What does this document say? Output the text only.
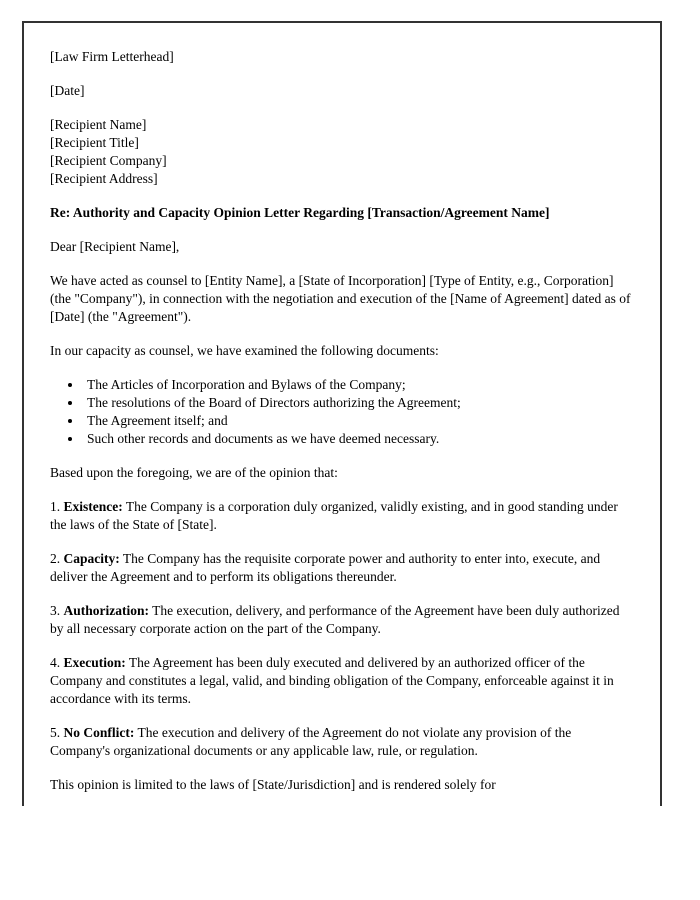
[Law Firm Letterhead]

[Date]

[Recipient Name]
[Recipient Title]
[Recipient Company]
[Recipient Address]

Re: Authority and Capacity Opinion Letter Regarding [Transaction/Agreement Name]

Dear [Recipient Name],

We have acted as counsel to [Entity Name], a [State of Incorporation] [Type of Entity, e.g., Corporation] (the "Company"), in connection with the negotiation and execution of the [Name of Agreement] dated as of [Date] (the "Agreement").

In our capacity as counsel, we have examined the following documents:

• The Articles of Incorporation and Bylaws of the Company;
• The resolutions of the Board of Directors authorizing the Agreement;
• The Agreement itself; and
• Such other records and documents as we have deemed necessary.

Based upon the foregoing, we are of the opinion that:

1. Existence: The Company is a corporation duly organized, validly existing, and in good standing under the laws of the State of [State].

2. Capacity: The Company has the requisite corporate power and authority to enter into, execute, and deliver the Agreement and to perform its obligations thereunder.

3. Authorization: The execution, delivery, and performance of the Agreement have been duly authorized by all necessary corporate action on the part of the Company.

4. Execution: The Agreement has been duly executed and delivered by an authorized officer of the Company and constitutes a legal, valid, and binding obligation of the Company, enforceable against it in accordance with its terms.

5. No Conflict: The execution and delivery of the Agreement do not violate any provision of the Company's organizational documents or any applicable law, rule, or regulation.

This opinion is limited to the laws of [State/Jurisdiction] and is rendered solely for
